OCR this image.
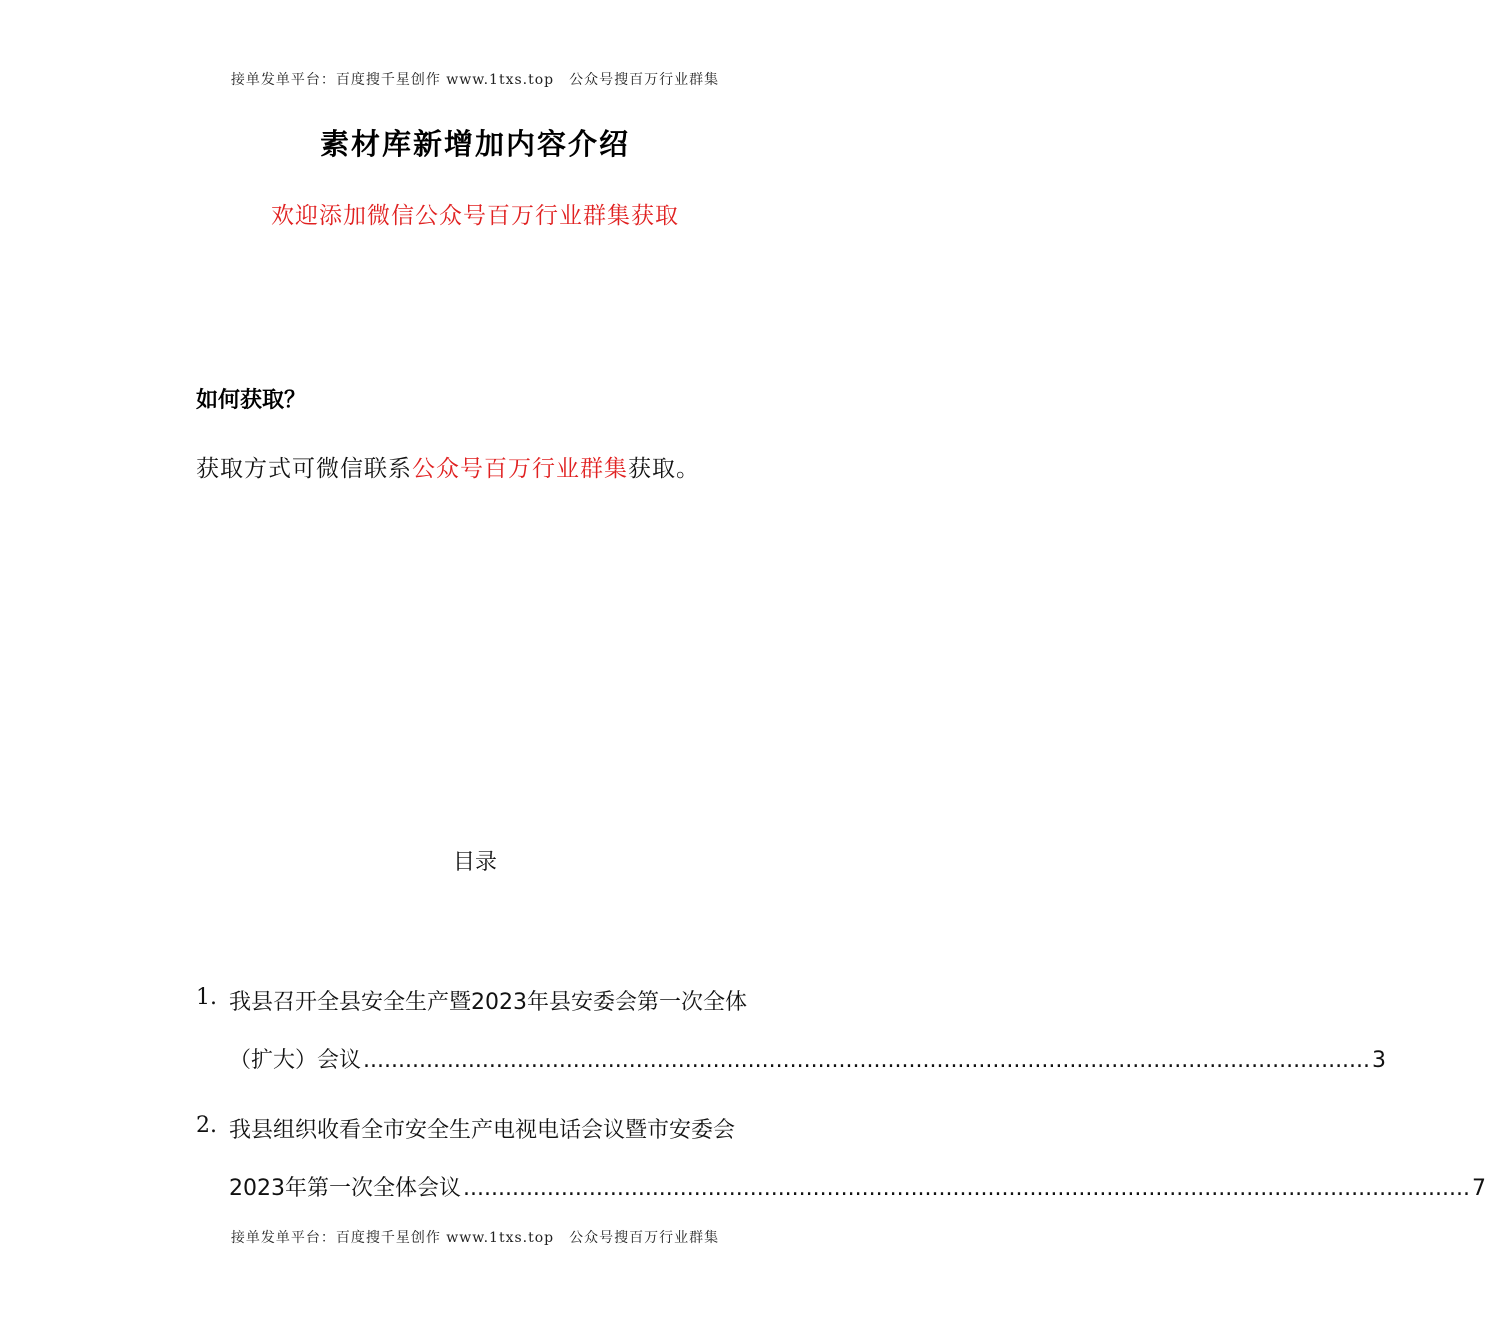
接单发单平台：百度搜千星创作 www.1txs.top　公众号搜百万行业群集
素材库新增加内容介绍
欢迎添加微信公众号百万行业群集获取
如何获取？
获取方式可微信联系公众号百万行业群集获取。
目录
1. 我县召开全县安全生产暨2023年县安委会第一次全体
（扩大）会议 ................................................................................................................................................ 3
2. 我县组织收看全市安全生产电视电话会议暨市安委会
2023年第一次全体会议 ................................................................................................................................................ 7
接单发单平台：百度搜千星创作 www.1txs.top　公众号搜百万行业群集
